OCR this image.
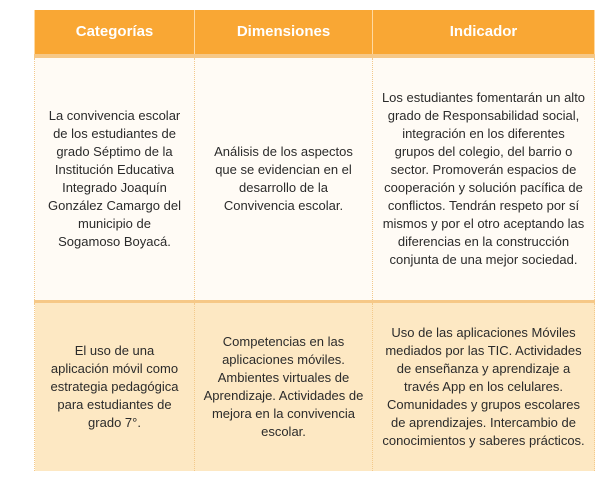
Categorías	Dimensiones	Indicador

La convivencia escolar de los estudiantes de grado Séptimo de la Institución Educativa Integrado Joaquín González Camargo del municipio de Sogamoso Boyacá.	Análisis de los aspectos que se evidencian en el desarrollo de la Convivencia escolar.	Los estudiantes fomentarán un alto grado de Responsabilidad social, integración en los diferentes grupos del colegio, del barrio o sector. Promoverán espacios de cooperación y solución pacífica de conflictos. Tendrán respeto por sí mismos y por el otro aceptando las diferencias en la construcción conjunta de una mejor sociedad.

El uso de una aplicación móvil como estrategia pedagógica para estudiantes de grado 7°.	Competencias en las aplicaciones móviles. Ambientes virtuales de Aprendizaje. Actividades de mejora en la convivencia escolar.	Uso de las aplicaciones Móviles mediados por las TIC. Actividades de enseñanza y aprendizaje a través App en los celulares. Comunidades y grupos escolares de aprendizajes. Intercambio de conocimientos y saberes prácticos.
